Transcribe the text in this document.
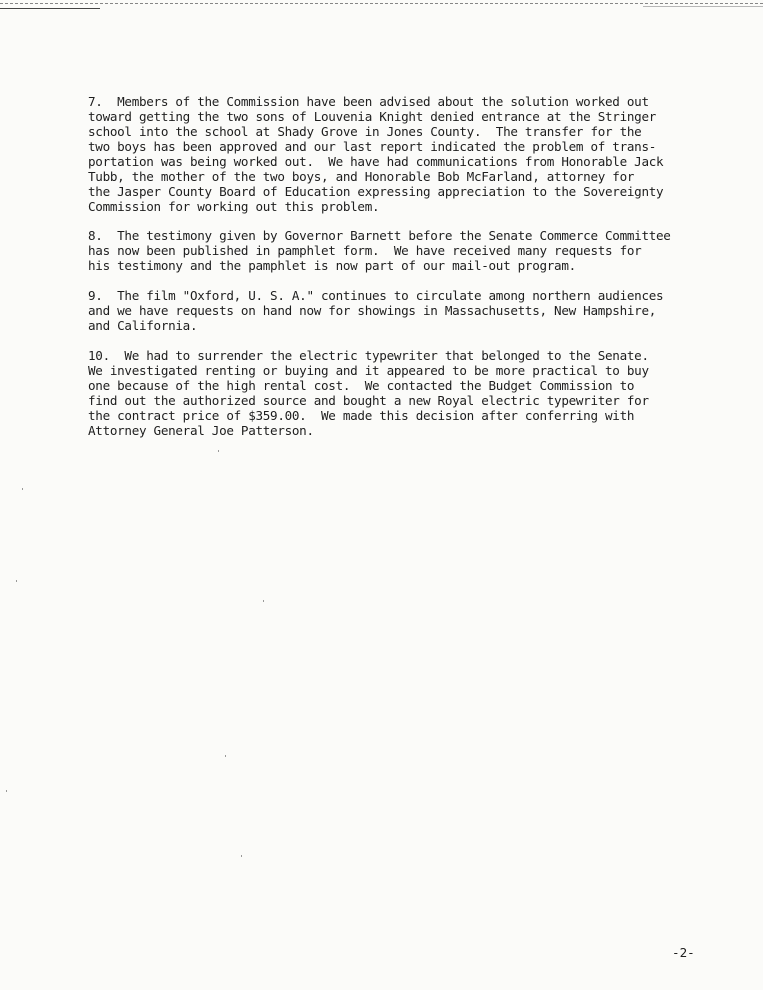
7.  Members of the Commission have been advised about the solution worked out
toward getting the two sons of Louvenia Knight denied entrance at the Stringer
school into the school at Shady Grove in Jones County.  The transfer for the
two boys has been approved and our last report indicated the problem of trans-
portation was being worked out.  We have had communications from Honorable Jack
Tubb, the mother of the two boys, and Honorable Bob McFarland, attorney for
the Jasper County Board of Education expressing appreciation to the Sovereignty
Commission for working out this problem.

8.  The testimony given by Governor Barnett before the Senate Commerce Committee
has now been published in pamphlet form.  We have received many requests for
his testimony and the pamphlet is now part of our mail-out program.

9.  The film "Oxford, U. S. A." continues to circulate among northern audiences
and we have requests on hand now for showings in Massachusetts, New Hampshire,
and California.

10.  We had to surrender the electric typewriter that belonged to the Senate.
We investigated renting or buying and it appeared to be more practical to buy
one because of the high rental cost.  We contacted the Budget Commission to
find out the authorized source and bought a new Royal electric typewriter for
the contract price of $359.00.  We made this decision after conferring with
Attorney General Joe Patterson.

-2-
